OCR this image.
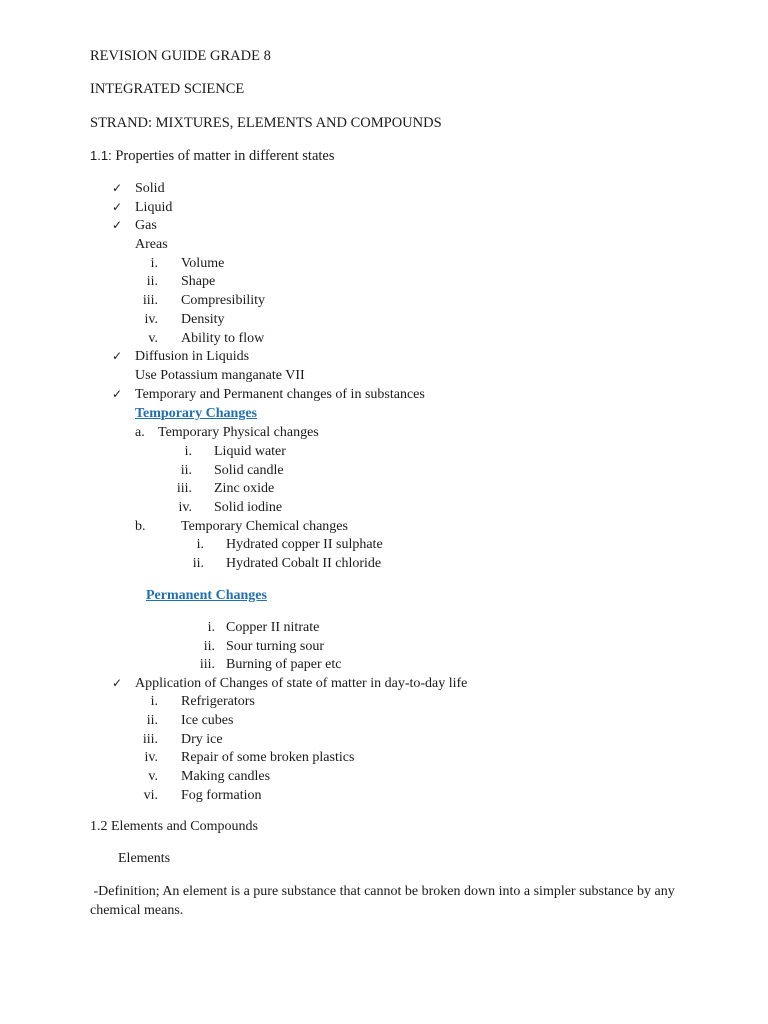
REVISION GUIDE GRADE 8
INTEGRATED SCIENCE
STRAND: MIXTURES, ELEMENTS AND COMPOUNDS
1.1: Properties of matter in different states
✓ Solid
✓ Liquid
✓ Gas
Areas
i. Volume
ii. Shape
iii. Compresibility
iv. Density
v. Ability to flow
✓ Diffusion in Liquids
Use Potassium manganate VII
✓ Temporary and Permanent changes of in substances
Temporary Changes
a. Temporary Physical changes
i. Liquid water
ii. Solid candle
iii. Zinc oxide
iv. Solid iodine
b.	Temporary Chemical changes
i. Hydrated copper II sulphate
ii. Hydrated Cobalt II chloride
Permanent Changes
i. Copper II nitrate
ii. Sour turning sour
iii. Burning of paper etc
✓ Application of Changes of state of matter in day-to-day life
i. Refrigerators
ii. Ice cubes
iii. Dry ice
iv. Repair of some broken plastics
v. Making candles
vi. Fog formation
1.2 Elements and Compounds
Elements
-Definition; An element is a pure substance that cannot be broken down into a simpler substance by any
chemical means.
